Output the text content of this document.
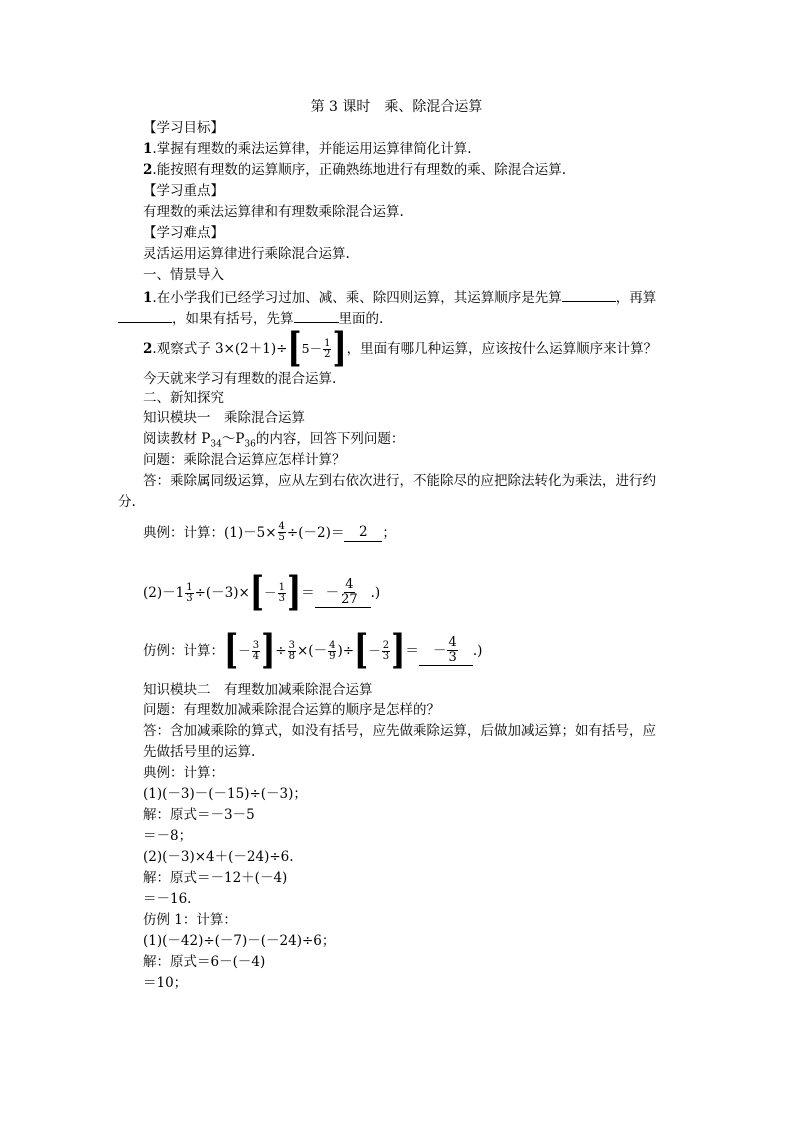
第 3 课时　乘、除混合运算
【学习目标】
1.掌握有理数的乘法运算律，并能运用运算律简化计算.
2.能按照有理数的运算顺序，正确熟练地进行有理数的乘、除混合运算.
【学习重点】
有理数的乘法运算律和有理数乘除混合运算.
【学习难点】
灵活运用运算律进行乘除混合运算.
一、情景导入
1.在小学我们已经学习过加、减、乘、除四则运算，其运算顺序是先算	，再算
，如果有括号，先算	里面的.
2 .观察式子 3×(2＋1)÷ [ $5- \frac{1}{2}$ ] ，里面有哪几种运算，应该按什么运算顺序来计算？
今天就来学习有理数的混合运算.
二、新知探究
知识模块一　乘除混合运算
阅读教材 $P_{34}\sim P_{36}$的内容，回答下列问题：
问题：乘除混合运算应怎样计算？
答：乘除属同级运算，应从左到右依次进行，不能除尽的应把除法转化为乘法，进行约
分.
典例：计算：$(1)-5\times \frac{4}{5} \div(-2)=$	2	；
$(2)-1 \frac{1}{3} \div(-3)\times$ [ － $\frac{1}{3}$ ] ＝ － $\frac{4}{27}$ .)
仿例：计算： [ － $\frac{3}{4}$ ] ÷ $\frac{3}{8}$ ×(－ $\frac{4}{9}$ )÷ [ － $\frac{2}{3}$ ] ＝ － $\frac{4}{3}$ .)
知识模块二　有理数加减乘除混合运算
问题：有理数加减乘除混合运算的顺序是怎样的？
答：含加减乘除的算式，如没有括号，应先做乘除运算，后做加减运算；如有括号，应
先做括号里的运算.
典例：计算：
(1)(－3)－(－15)÷(－3)；
解：原式＝－3－5
＝－8；
(2)(－3)×4＋(－24)÷6.
解：原式＝－12＋(－4)
＝－16.
仿例 1：计算：
(1)(－42)÷(－7)－(－24)÷6；
解：原式＝6－(－4)
＝10；
